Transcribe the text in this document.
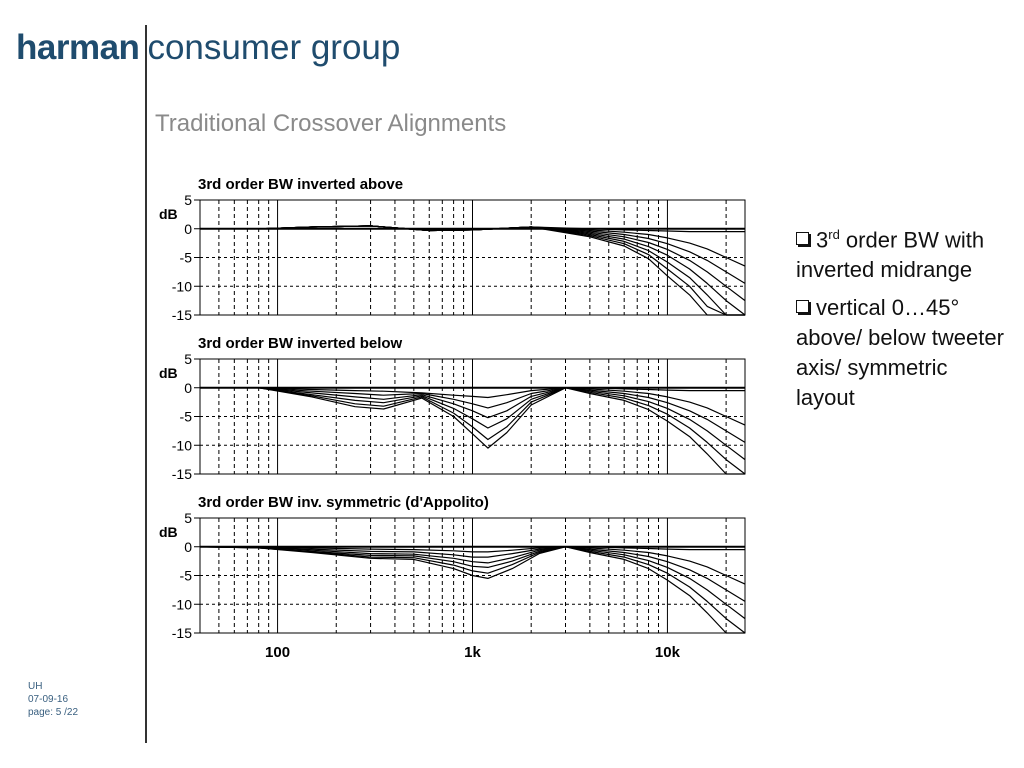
harman consumer group
Traditional Crossover Alignments
3rd order BW inverted above
5
0
-5
-10
-15
dB
3rd order BW inverted below
5
0
-5
-10
-15
dB
3rd order BW inv. symmetric (d'Appolito)
5
0
-5
-10
-15
dB
100	1k	10k
3rd order BW with inverted midrange
vertical 0…45° above/ below tweeter axis/ symmetric layout
UH
07-09-16
page: 5 /22
